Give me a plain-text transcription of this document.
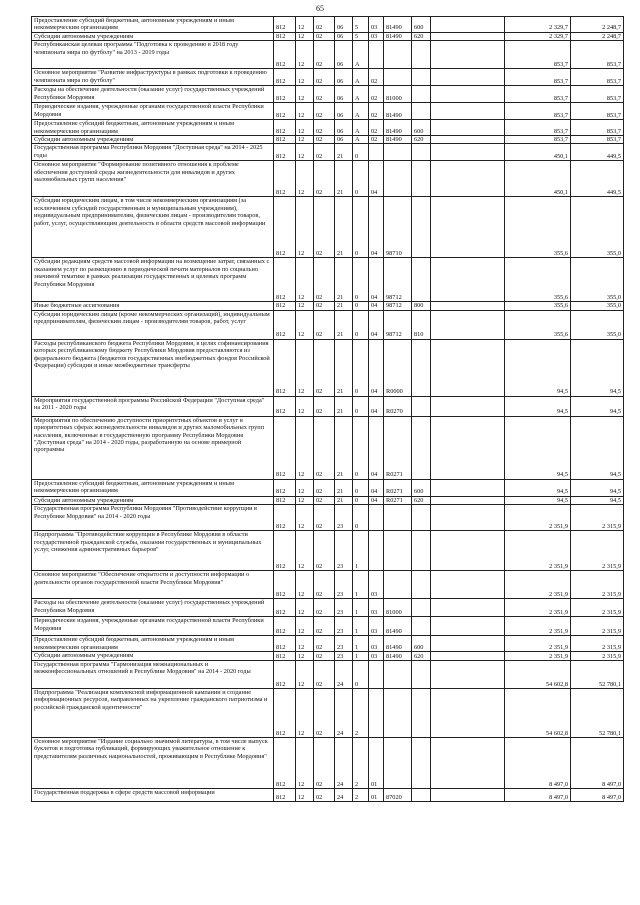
65
Предоставление субсидий бюджетным, автономным учреждениям и иным некоммерческим организациям	812	12	02	06	5	03	81490	600		2 329,7	2 248,7	
Субсидии автономным учреждениям	812	12	02	06	5	03	81490	620		2 329,7	2 248,7	
Республиканская целевая программа "Подготовка к проведению в 2018 году чемпионата мира по футболу" на 2013 - 2019 годы	812	12	02	06	A					853,7	853,7	
Основное мероприятие "Развитие инфраструктуры в рамках подготовки к проведению чемпионата мира по футболу"	812	12	02	06	A	02				853,7	853,7	
Расходы на обеспечение деятельности (оказание услуг) государственных учреждений Республики Мордовия	812	12	02	06	A	02	81000			853,7	853,7	
Периодические издания, учрежденные органами государственной власти Республики Мордовия	812	12	02	06	A	02	81490			853,7	853,7	
Предоставление субсидий бюджетным, автономным учреждениям и иным некоммерческим организациям	812	12	02	06	A	02	81490	600		853,7	853,7	
Субсидии автономным учреждениям	812	12	02	06	A	02	81490	620		853,7	853,7	
Государственная программа Республики Мордовия "Доступная среда" на 2014 - 2025 годы	812	12	02	21	0					450,1	449,5	
Основное мероприятие "Формирование позитивного отношения к проблеме обеспечения доступной среды жизнедеятельности для инвалидов и других маломобильных групп населения"	812	12	02	21	0	04				450,1	449,5	
Субсидии юридическим лицам, в том числе некоммерческим организациям (за исключением субсидий государственным и муниципальным учреждениям), индивидуальным предпринимателям, физическим лицам - производителям товаров, работ, услуг, осуществляющим деятельность в области средств массовой информации	812	12	02	21	0	04	98710			355,6	355,0	
Субсидии редакциям средств массовой информации на возмещение затрат, связанных с оказанием услуг по размещению в периодической печати материалов по социально значимой тематике в рамках реализации государственных и целевых программ Республики Мордовия	812	12	02	21	0	04	98712			355,6	355,0	
Иные бюджетные ассигнования	812	12	02	21	0	04	98712	800		355,6	355,0	
Субсидии юридическим лицам (кроме некоммерческих организаций), индивидуальным предпринимателям, физическим лицам - производителям товаров, работ, услуг	812	12	02	21	0	04	98712	810		355,6	355,0	
Расходы республиканского бюджета Республики Мордовия, в целях софинансирования которых республиканскому бюджету Республики Мордовия предоставляются из федерального бюджета (бюджетов государственных внебюджетных фондов Российской Федерации) субсидии и иные межбюджетные трансферты	812	12	02	21	0	04	R0000			94,5	94,5	
Мероприятия государственной программы Российской Федерации "Доступная среда" на 2011 - 2020 годы	812	12	02	21	0	04	R0270			94,5	94,5	
Мероприятия по обеспечению доступности приоритетных объектов и услуг в приоритетных сферах жизнедеятельности инвалидов и других маломобильных групп населения, включенные в государственную программу Республики Мордовия "Доступная среда" на 2014 - 2020 годы, разработанную на основе примерной программы	812	12	02	21	0	04	R0271			94,5	94,5	
Предоставление субсидий бюджетным, автономным учреждениям и иным некоммерческим организациям	812	12	02	21	0	04	R0271	600		94,5	94,5	
Субсидии автономным учреждениям	812	12	02	21	0	04	R0271	620		94,5	94,5	
Государственная программа Республики Мордовия "Противодействие коррупции в Республике Мордовия" на 2014 - 2020 годы	812	12	02	23	0					2 351,9	2 315,9	
Подпрограмма "Противодействие коррупции в Республике Мордовия в области государственной гражданской службы, оказания государственных и муниципальных услуг, снижения административных барьеров"	812	12	02	23	1					2 351,9	2 315,9	
Основное мероприятие "Обеспечение открытости и доступности информации о деятельности органов государственной власти Республики Мордовия"	812	12	02	23	1	03				2 351,9	2 315,9	
Расходы на обеспечение деятельности (оказание услуг) государственных учреждений Республики Мордовия	812	12	02	23	1	03	81000			2 351,9	2 315,9	
Периодические издания, учрежденные органами государственной власти Республики Мордовия	812	12	02	23	1	03	81490			2 351,9	2 315,9	
Предоставление субсидий бюджетным, автономным учреждениям и иным некоммерческим организациям	812	12	02	23	1	03	81490	600		2 351,9	2 315,9	
Субсидии автономным учреждениям	812	12	02	23	1	03	81490	620		2 351,9	2 315,9	
Государственная программа "Гармонизация межнациональных и межконфессиональных отношений в Республике Мордовия" на 2014 - 2020 годы	812	12	02	24	0					54 602,8	52 780,1	
Подпрограмма "Реализация комплексной информационной кампании и создание информационных ресурсов, направленных на укрепление гражданского патриотизма и российской гражданской идентичности"	812	12	02	24	2					54 602,8	52 780,1	
Основное мероприятие "Издание социально значимой литературы, в том числе выпуск буклетов и подготовка публикаций, формирующих уважительное отношение к представителям различных национальностей, проживающим в Республике Мордовия"	812	12	02	24	2	01				8 497,0	8 497,0	
Государственная поддержка в сфере средств массовой информации	812	12	02	24	2	01	87020			8 497,0	8 497,0	
